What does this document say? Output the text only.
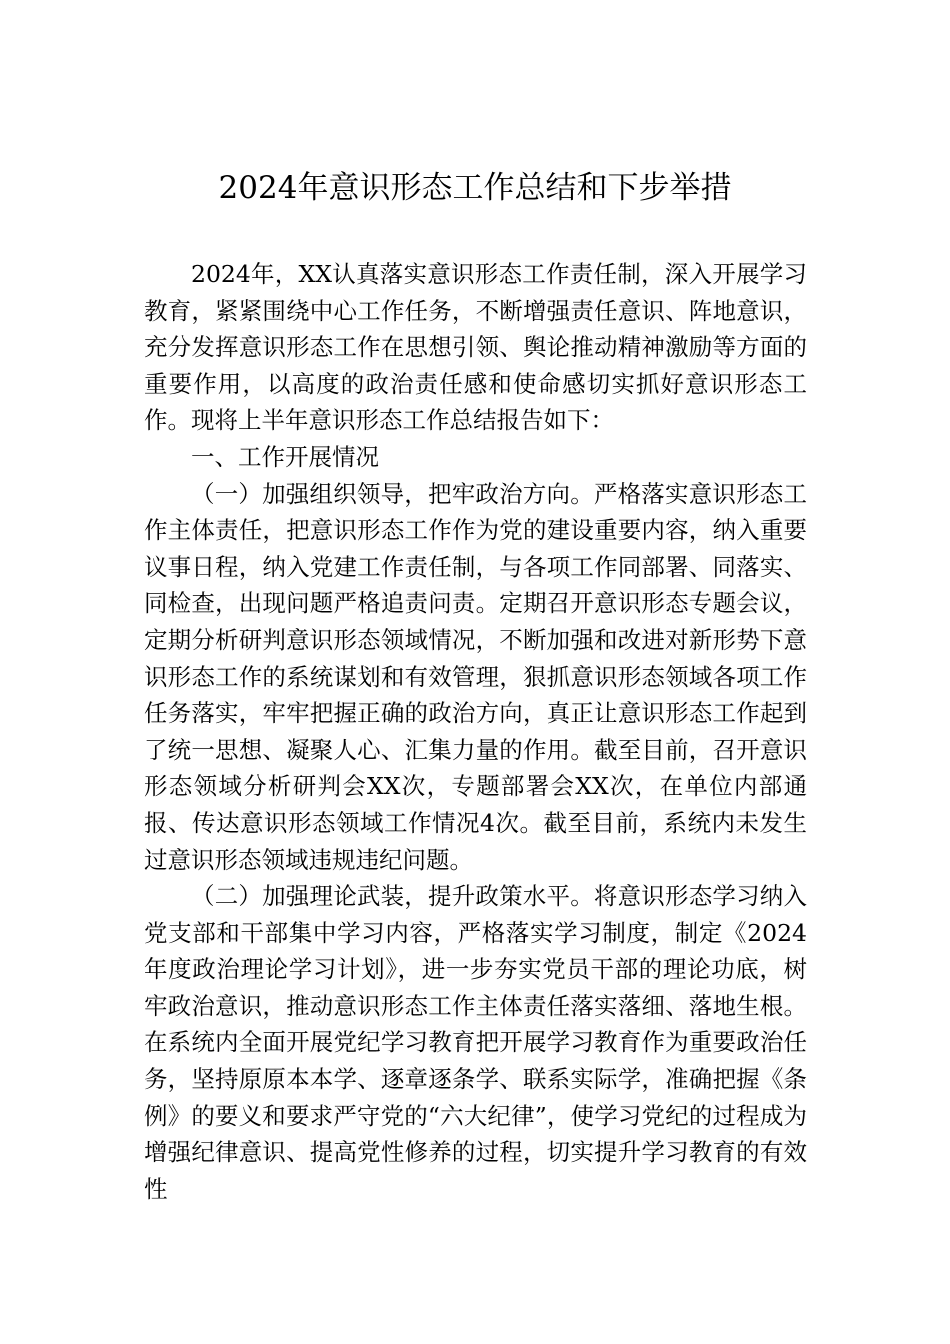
2024年意识形态工作总结和下步举措

2024年，XX认真落实意识形态工作责任制，深入开展学习教育，紧紧围绕中心工作任务，不断增强责任意识、阵地意识，充分发挥意识形态工作在思想引领、舆论推动精神激励等方面的重要作用，以高度的政治责任感和使命感切实抓好意识形态工作。现将上半年意识形态工作总结报告如下：

一、工作开展情况

（一）加强组织领导，把牢政治方向。严格落实意识形态工作主体责任，把意识形态工作作为党的建设重要内容，纳入重要议事日程，纳入党建工作责任制，与各项工作同部署、同落实、同检查，出现问题严格追责问责。定期召开意识形态专题会议，定期分析研判意识形态领域情况，不断加强和改进对新形势下意识形态工作的系统谋划和有效管理，狠抓意识形态领域各项工作任务落实，牢牢把握正确的政治方向，真正让意识形态工作起到了统一思想、凝聚人心、汇集力量的作用。截至目前，召开意识形态领域分析研判会XX次，专题部署会XX次，在单位内部通报、传达意识形态领域工作情况4次。截至目前，系统内未发生过意识形态领域违规违纪问题。

（二）加强理论武装，提升政策水平。将意识形态学习纳入党支部和干部集中学习内容，严格落实学习制度，制定《2024年度政治理论学习计划》，进一步夯实党员干部的理论功底，树牢政治意识，推动意识形态工作主体责任落实落细、落地生根。在系统内全面开展党纪学习教育把开展学习教育作为重要政治任务，坚持原原本本学、逐章逐条学、联系实际学，准确把握《条例》的要义和要求严守党的“六大纪律”，使学习党纪的过程成为增强纪律意识、提高党性修养的过程，切实提升学习教育的有效性
